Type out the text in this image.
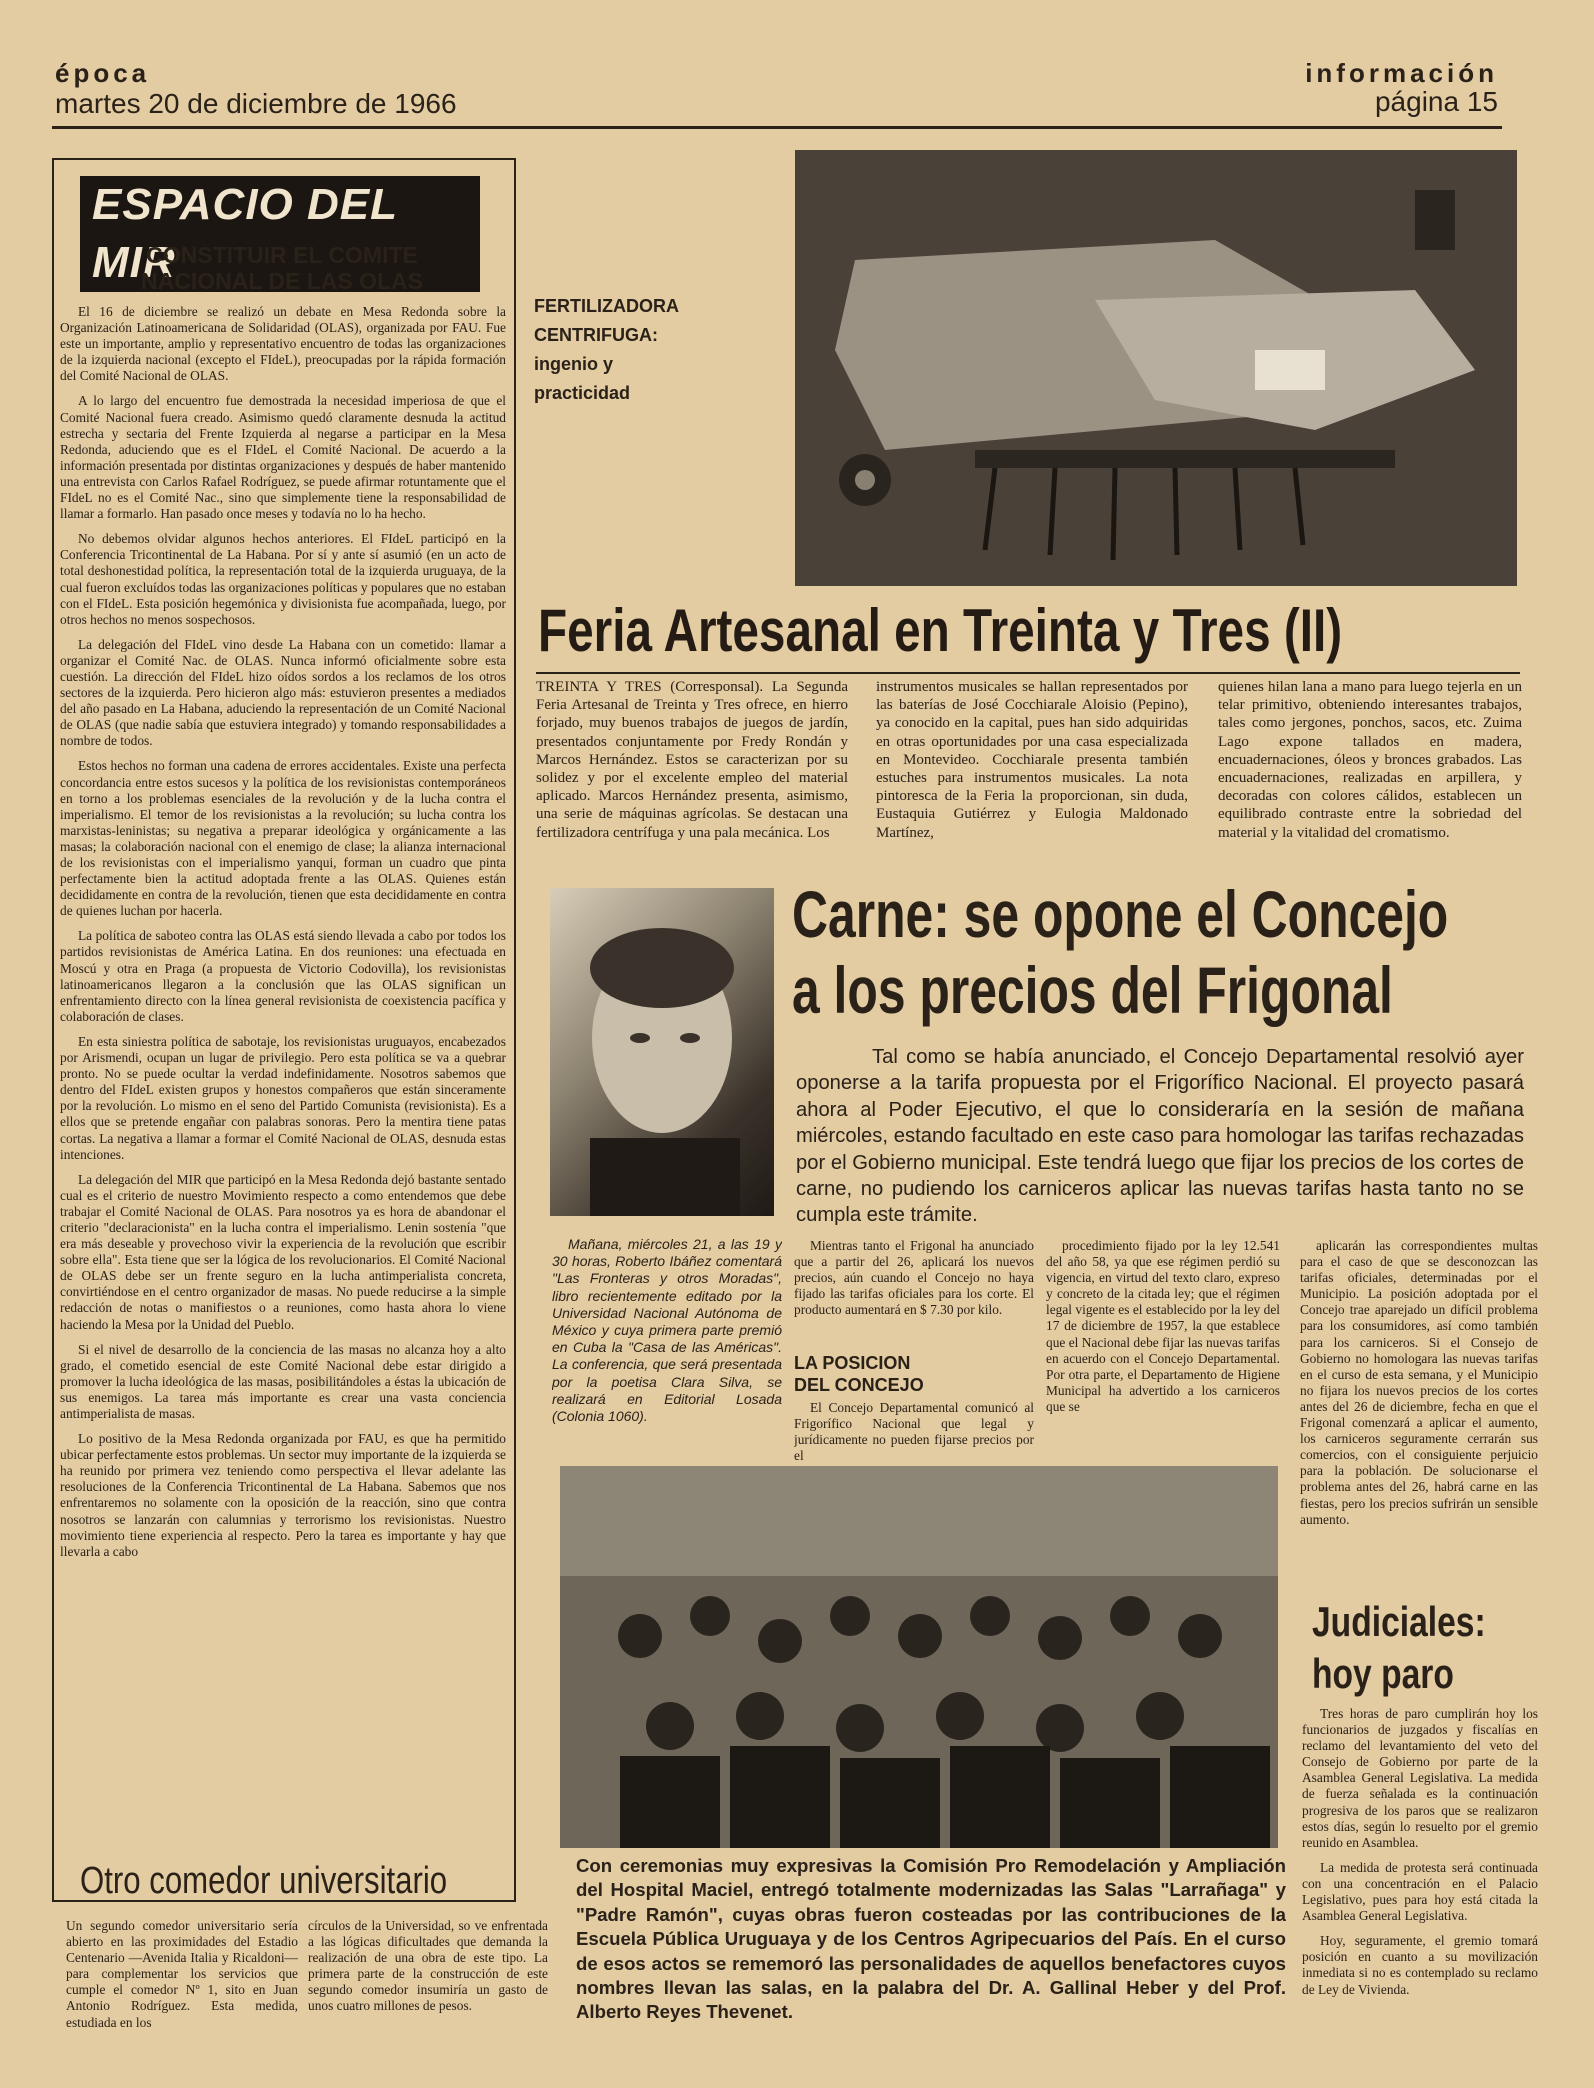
época
martes 20 de diciembre de 1966
información
página 15
ESPACIO DEL MIR
CONSTITUIR EL COMITE
NACIONAL DE LAS OLAS

El 16 de diciembre se realizó un debate en Mesa Redonda sobre la Organización Latinoamericana de Solidaridad (OLAS), organizada por FAU. Fue este un importante, amplio y representativo encuentro de todas las organizaciones de la izquierda nacional (excepto el FIdeL), preocupadas por la rápida formación del Comité Nacional de OLAS.

A lo largo del encuentro fue demostrada la necesidad imperiosa de que el Comité Nacional fuera creado. Asimismo quedó claramente desnuda la actitud estrecha y sectaria del Frente Izquierda al negarse a participar en la Mesa Redonda, aduciendo que es el FIdeL el Comité Nacional. De acuerdo a la información presentada por distintas organizaciones y después de haber mantenido una entrevista con Carlos Rafael Rodríguez, se puede afirmar rotuntamente que el FIdeL no es el Comité Nac., sino que simplemente tiene la responsabilidad de llamar a formarlo. Han pasado once meses y todavía no lo ha hecho.

No debemos olvidar algunos hechos anteriores. El FIdeL participó en la Conferencia Tricontinental de La Habana. Por sí y ante sí asumió (en un acto de total deshonestidad política, la representación total de la izquierda uruguaya, de la cual fueron excluídos todas las organizaciones políticas y populares que no estaban con el FIdeL. Esta posición hegemónica y divisionista fue acompañada, luego, por otros hechos no menos sospechosos.

La delegación del FIdeL vino desde La Habana con un cometido: llamar a organizar el Comité Nac. de OLAS. Nunca informó oficialmente sobre esta cuestión. La dirección del FIdeL hizo oídos sordos a los reclamos de los otros sectores de la izquierda. Pero hicieron algo más: estuvieron presentes a mediados del año pasado en La Habana, aduciendo la representación de un Comité Nacional de OLAS (que nadie sabía que estuviera integrado) y tomando responsabilidades a nombre de todos.

Estos hechos no forman una cadena de errores accidentales. Existe una perfecta concordancia entre estos sucesos y la política de los revisionistas contemporáneos en torno a los problemas esenciales de la revolución y de la lucha contra el imperialismo. El temor de los revisionistas a la revolución; su lucha contra los marxistas-leninistas; su negativa a preparar ideológica y orgánicamente a las masas; la colaboración nacional con el enemigo de clase; la alianza internacional de los revisionistas con el imperialismo yanqui, forman un cuadro que pinta perfectamente bien la actitud adoptada frente a las OLAS. Quienes están decididamente en contra de la revolución, tienen que esta decididamente en contra de quienes luchan por hacerla.

La política de saboteo contra las OLAS está siendo llevada a cabo por todos los partidos revisionistas de América Latina. En dos reuniones: una efectuada en Moscú y otra en Praga (a propuesta de Victorio Codovilla), los revisionistas latinoamericanos llegaron a la conclusión que las OLAS significan un enfrentamiento directo con la línea general revisionista de coexistencia pacífica y colaboración de clases.

En esta siniestra política de sabotaje, los revisionistas uruguayos, encabezados por Arismendi, ocupan un lugar de privilegio. Pero esta política se va a quebrar pronto. No se puede ocultar la verdad indefinidamente. Nosotros sabemos que dentro del FIdeL existen grupos y honestos compañeros que están sinceramente por la revolución. Lo mismo en el seno del Partido Comunista (revisionista). Es a ellos que se pretende engañar con palabras sonoras. Pero la mentira tiene patas cortas. La negativa a llamar a formar el Comité Nacional de OLAS, desnuda estas intenciones.

La delegación del MIR que participó en la Mesa Redonda dejó bastante sentado cual es el criterio de nuestro Movimiento respecto a como entendemos que debe trabajar el Comité Nacional de OLAS. Para nosotros ya es hora de abandonar el criterio "declaracionista" en la lucha contra el imperialismo. Lenin sostenía "que era más deseable y provechoso vivir la experiencia de la revolución que escribir sobre ella". Esta tiene que ser la lógica de los revolucionarios. El Comité Nacional de OLAS debe ser un frente seguro en la lucha antimperialista concreta, convirtiéndose en el centro organizador de masas. No puede reducirse a la simple redacción de notas o manifiestos o a reuniones, como hasta ahora lo viene haciendo la Mesa por la Unidad del Pueblo.

Si el nivel de desarrollo de la conciencia de las masas no alcanza hoy a alto grado, el cometido esencial de este Comité Nacional debe estar dirigido a promover la lucha ideológica de las masas, posibilitándoles a éstas la ubicación de sus enemigos. La tarea más importante es crear una vasta conciencia antimperialista de masas.

Lo positivo de la Mesa Redonda organizada por FAU, es que ha permitido ubicar perfectamente estos problemas. Un sector muy importante de la izquierda se ha reunido por primera vez teniendo como perspectiva el llevar adelante las resoluciones de la Conferencia Tricontinental de La Habana. Sabemos que nos enfrentaremos no solamente con la oposición de la reacción, sino que contra nosotros se lanzarán con calumnias y terrorismo los revisionistas. Nuestro movimiento tiene experiencia al respecto. Pero la tarea es importante y hay que llevarla a cabo

Otro comedor universitario
Un segundo comedor universitario sería abierto en las proximidades del Estadio Centenario —Avenida Italia y Ricaldoni— para complementar los servicios que cumple el comedor Nº 1, sito en Juan Antonio Rodríguez. Esta medida, estudiada en los
círculos de la Universidad, so ve enfrentada a las lógicas dificultades que demanda la realización de una obra de este tipo. La primera parte de la construcción de este segundo comedor insumiría un gasto de unos cuatro millones de pesos.
FERTILIZADORA
CENTRIFUGA:
ingenio y
practicidad
Feria Artesanal en Treinta y Tres (II)
TREINTA Y TRES (Corresponsal). La Segunda Feria Artesanal de Treinta y Tres ofrece, en hierro forjado, muy buenos trabajos de juegos de jardín, presentados conjuntamente por Fredy Rondán y Marcos Hernández. Estos se caracterizan por su solidez y por el excelente empleo del material aplicado. Marcos Hernández presenta, asimismo, una serie de máquinas agrícolas. Se destacan una fertilizadora centrífuga y una pala mecánica. Los
instrumentos musicales se hallan representados por las baterías de José Cocchiarale Aloisio (Pepino), ya conocido en la capital, pues han sido adquiridas en otras oportunidades por una casa especializada en Montevideo. Cocchiarale presenta también estuches para instrumentos musicales. La nota pintoresca de la Feria la proporcionan, sin duda, Eustaquia Gutiérrez y Eulogia Maldonado Martínez,
quienes hilan lana a mano para luego tejerla en un telar primitivo, obteniendo interesantes trabajos, tales como jergones, ponchos, sacos, etc. Zuima Lago expone tallados en madera, encuadernaciones, óleos y bronces grabados. Las encuadernaciones, realizadas en arpillera, y decoradas con colores cálidos, establecen un equilibrado contraste entre la sobriedad del material y la vitalidad del cromatismo.
Carne: se opone el Concejo
a los precios del Frigonal
Tal como se había anunciado, el Concejo Departamental resolvió ayer oponerse a la tarifa propuesta por el Frigorífico Nacional. El proyecto pasará ahora al Poder Ejecutivo, el que lo consideraría en la sesión de mañana miércoles, estando facultado en este caso para homologar las tarifas rechazadas por el Gobierno municipal. Este tendrá luego que fijar los precios de los cortes de carne, no pudiendo los carniceros aplicar las nuevas tarifas hasta tanto no se cumpla este trámite.
Mañana, miércoles 21, a las 19 y 30 horas, Roberto Ibáñez comentará "Las Fronteras y otros Moradas", libro recientemente editado por la Universidad Nacional Autónoma de México y cuya primera parte premió en Cuba la "Casa de las Américas". La conferencia, que será presentada por la poetisa Clara Silva, se realizará en Editorial Losada (Colonia 1060).
Mientras tanto el Frigonal ha anunciado que a partir del 26, aplicará los nuevos precios, aún cuando el Concejo no haya fijado las tarifas oficiales para los corte. El producto aumentará en $ 7.30 por kilo.
LA POSICION
DEL CONCEJO
El Concejo Departamental comunicó al Frigorífico Nacional que legal y jurídicamente no pueden fijarse precios por el
procedimiento fijado por la ley 12.541 del año 58, ya que ese régimen perdió su vigencia, en virtud del texto claro, expreso y concreto de la citada ley; que el régimen legal vigente es el establecido por la ley del 17 de diciembre de 1957, la que establece que el Nacional debe fijar las nuevas tarifas en acuerdo con el Concejo Departamental. Por otra parte, el Departamento de Higiene Municipal ha advertido a los carniceros que se
aplicarán las correspondientes multas para el caso de que se desconozcan las tarifas oficiales, determinadas por el Municipio. La posición adoptada por el Concejo trae aparejado un difícil problema para los consumidores, así como también para los carniceros. Si el Consejo de Gobierno no homologara las nuevas tarifas en el curso de esta semana, y el Municipio no fijara los nuevos precios de los cortes antes del 26 de diciembre, fecha en que el Frigonal comenzará a aplicar el aumento, los carniceros seguramente cerrarán sus comercios, con el consiguiente perjuicio para la población. De solucionarse el problema antes del 26, habrá carne en las fiestas, pero los precios sufrirán un sensible aumento.
Con ceremonias muy expresivas la Comisión Pro Remodelación y Ampliación del Hospital Maciel, entregó totalmente modernizadas las Salas "Larrañaga" y "Padre Ramón", cuyas obras fueron costeadas por las contribuciones de la Escuela Pública Uruguaya y de los Centros Agripecuarios del País. En el curso de esos actos se rememoró las personalidades de aquellos benefactores cuyos nombres llevan las salas, en la palabra del Dr. A. Gallinal Heber y del Prof. Alberto Reyes Thevenet.
Judiciales:
hoy paro

Tres horas de paro cumplirán hoy los funcionarios de juzgados y fiscalías en reclamo del levantamiento del veto del Consejo de Gobierno por parte de la Asamblea General Legislativa. La medida de fuerza señalada es la continuación progresiva de los paros que se realizaron estos días, según lo resuelto por el gremio reunido en Asamblea.

La medida de protesta será continuada con una concentración en el Palacio Legislativo, pues para hoy está citada la Asamblea General Legislativa.

Hoy, seguramente, el gremio tomará posición en cuanto a su movilización inmediata si no es contemplado su reclamo de Ley de Vivienda.
